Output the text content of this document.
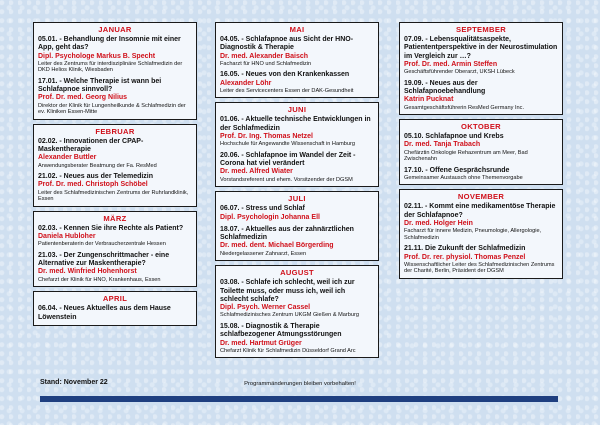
JANUAR
05.01. - Behandlung der Insomnie mit einer App, geht das?
Dipl. Psychologe Markus B. Specht
Leiter des Zentrums für interdisziplinäre Schlafmedizin der DKD Helios Klinik, Wiesbaden
17.01. - Welche Therapie ist wann bei Schlafapnoe sinnvoll?
Prof. Dr. med. Georg Nilius
Direktor der Klinik für Lungenheilkunde & Schlafmedizin der ev. Kliniken Essen-Mitte
FEBRUAR
02.02. - Innovationen der CPAP-Maskentherapie
Alexander Buttler
Anwendungsberater Beatmung der Fa. ResMed
21.02. - Neues aus der Telemedizin
Prof. Dr. med. Christoph Schöbel
Leiter des Schlafmedizinischen Zentrums der Ruhrlandklinik, Essen
MÄRZ
02.03. - Kennen Sie ihre Rechte als Patient?
Daniela Hubloher
Patientenberaterin der Verbraucherzentrale Hessen
21.03. - Der Zungenschrittmacher - eine Alternative zur Maskentherapie?
Dr. med. Winfried Hohenhorst
Chefarzt der Klinik für HNO, Krankenhaus, Essen
APRIL
06.04. - Neues Aktuelles aus dem Hause Löwenstein
MAI
04.05. - Schlafapnoe aus Sicht der HNO-Diagnostik & Therapie
Dr. med. Alexander Baisch
Facharzt für HNO und Schlafmedizin
16.05. - Neues von den Krankenkassen
Alexander Löhr
Leiter des Servicecenters Essen der DAK-Gesundheit
JUNI
01.06. - Aktuelle technische Entwicklungen in der Schlafmedizin
Prof. Dr. Ing. Thomas Netzel
Hochschule für Angewandte Wissenschaft in Hamburg
20.06. - Schlafapnoe im Wandel der Zeit - Corona hat viel verändert
Dr. med. Alfred Wiater
Vorstandsreferent und ehem. Vorsitzender der DGSM
JULI
06.07. - Stress und Schlaf
Dipl. Psychologin Johanna Ell
18.07. - Aktuelles aus der zahnärztlichen Schlafmedizin
Dr. med. dent. Michael Börgerding
Niedergelassener Zahnarzt, Essen
AUGUST
03.08. - Schlafe ich schlecht, weil ich zur Toilette muss, oder muss ich, weil ich schlecht schlafe?
Dipl. Psych. Werner Cassel
Schlafmedizinisches Zentrum UKGM Gießen & Marburg
15.08. - Diagnostik & Therapie schlafbezogener Atmungsstörungen
Dr. med. Hartmut Grüger
Chefarzt Klinik für Schlafmedizin Düsseldorf Grand Arc
SEPTEMBER
07.09. - Lebensqualitätsaspekte, Patiententperspektive in der Neurostimulation im Vergleich zur …?
Prof. Dr. med. Armin Steffen
Geschäftsführender Oberarzt, UKSH Lübeck
19.09. - Neues aus der Schlafapnoebehandlung
Katrin Pucknat
Gesamtgeschäftsführerin ResMed Germany Inc.
OKTOBER
05.10. Schlafapnoe und Krebs
Dr. med. Tanja Trabach
Chefärztin Onkologie Rehazentrum am Meer, Bad Zwischenahn
17.10. - Offene Gesprächsrunde
Gemeinsamer Austausch ohne Themenvorgabe
NOVEMBER
02.11. - Kommt eine medikamentöse Therapie der Schlafapnoe?
Dr. med. Holger Hein
Facharzt für innere Medizin, Pneumologie, Allergologie, Schlafmedizin
21.11. Die Zukunft der Schlafmedizin
Prof. Dr. rer. physiol. Thomas Penzel
Wissenschaftlicher Leiter des Schlafmedizinischen Zentrums der Charité, Berlin, Präsident der DGSM
Stand: November 22	Programmänderungen bleiben vorbehalten!
